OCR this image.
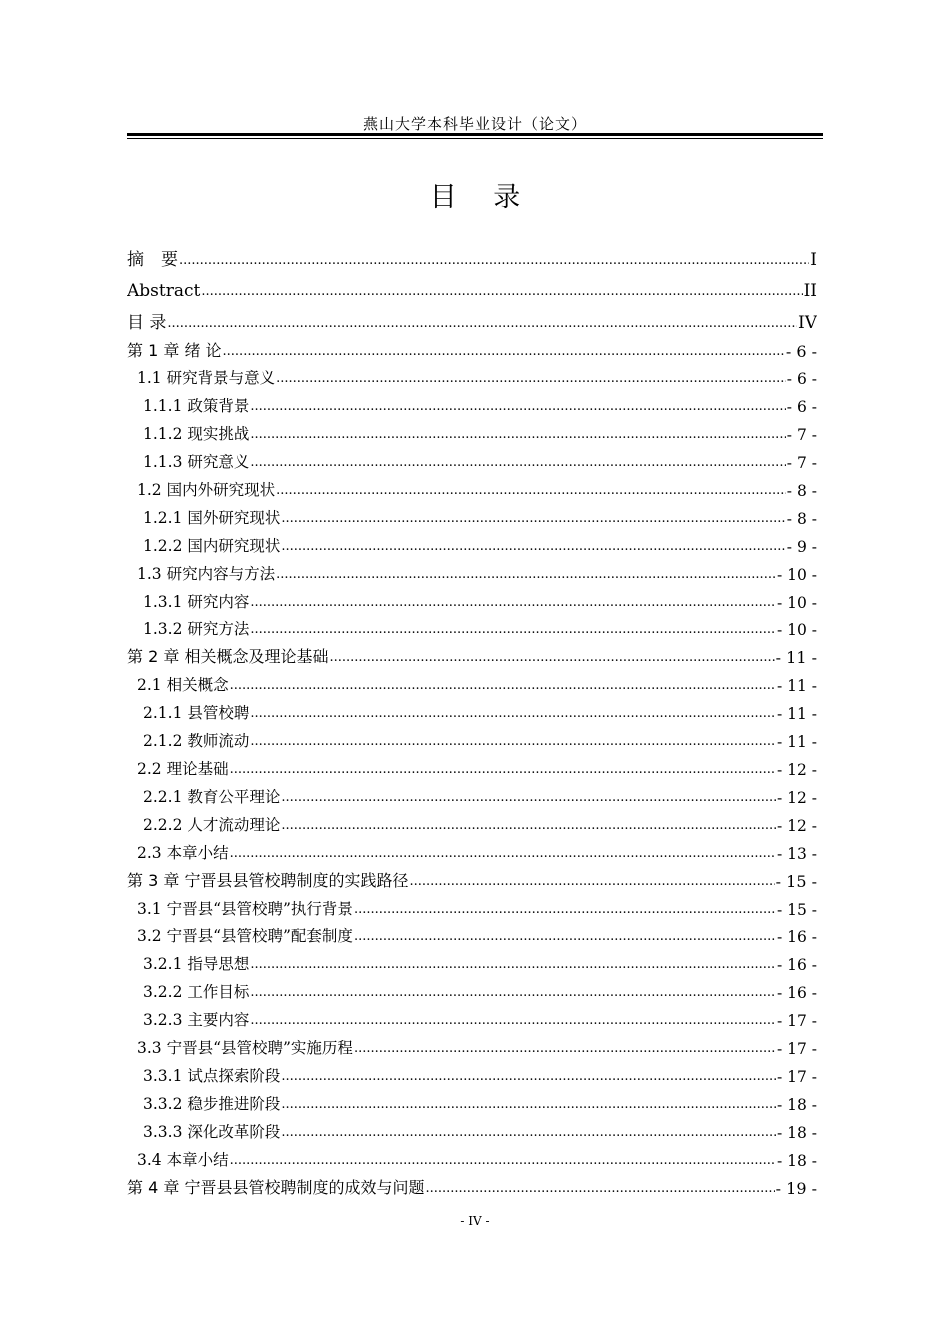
燕山大学本科毕业设计（论文）
目 录
摘　要 .....	I
Abstract .....	II
目 录 .....	IV
第 1 章 绪 论 .....	- 6 -
1.1 研究背景与意义 .....	- 6 -
1.1.1 政策背景 .....	- 6 -
1.1.2 现实挑战 .....	- 7 -
1.1.3 研究意义 .....	- 7 -
1.2 国内外研究现状 .....	- 8 -
1.2.1 国外研究现状 .....	- 8 -
1.2.2 国内研究现状 .....	- 9 -
1.3 研究内容与方法 .....	- 10 -
1.3.1 研究内容 .....	- 10 -
1.3.2 研究方法 .....	- 10 -
第 2 章 相关概念及理论基础 .....	- 11 -
2.1 相关概念 .....	- 11 -
2.1.1 县管校聘 .....	- 11 -
2.1.2 教师流动 .....	- 11 -
2.2 理论基础 .....	- 12 -
2.2.1 教育公平理论 .....	- 12 -
2.2.2 人才流动理论 .....	- 12 -
2.3 本章小结 .....	- 13 -
第 3 章 宁晋县县管校聘制度的实践路径 .....	- 15 -
3.1 宁晋县“县管校聘”执行背景 .....	- 15 -
3.2 宁晋县“县管校聘”配套制度 .....	- 16 -
3.2.1 指导思想 .....	- 16 -
3.2.2 工作目标 .....	- 16 -
3.2.3 主要内容 .....	- 17 -
3.3 宁晋县“县管校聘”实施历程 .....	- 17 -
3.3.1 试点探索阶段 .....	- 17 -
3.3.2 稳步推进阶段 .....	- 18 -
3.3.3 深化改革阶段 .....	- 18 -
3.4 本章小结 .....	- 18 -
第 4 章 宁晋县县管校聘制度的成效与问题 .....	- 19 -
- IV -
